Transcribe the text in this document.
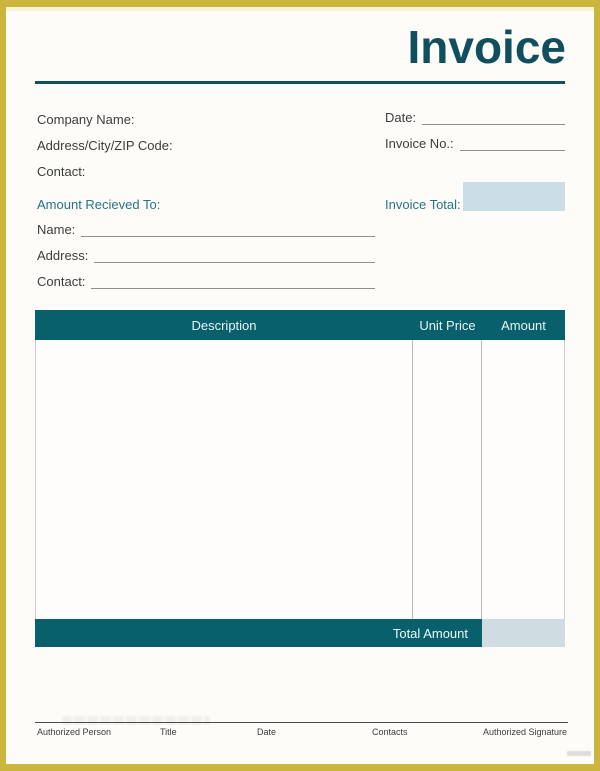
Invoice
Company Name:
Address/City/ZIP Code:
Contact:
Date:
Invoice No.:
Amount Recieved To:	Invoice Total:
Name:
Address:
Contact:
Description	Unit Price	Amount
Total Amount
Authorized Person	Title	Date	Contacts	Authorized Signature
